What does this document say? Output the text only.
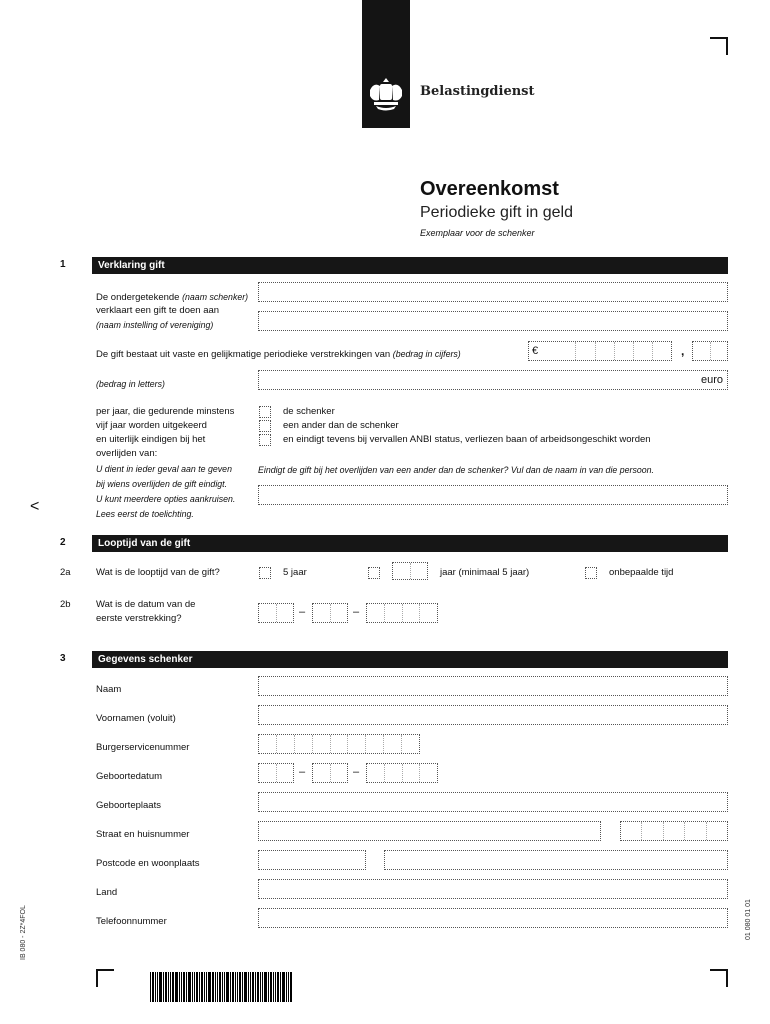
Belastingdienst
Overeenkomst
Periodieke gift in geld
Exemplaar voor de schenker
1	Verklaring gift
De ondergetekende (naam schenker)
verklaart een gift te doen aan
(naam instelling of vereniging)
De gift bestaat uit vaste en gelijkmatige periodieke verstrekkingen van (bedrag in cijfers)	€	,
(bedrag in letters)	euro
per jaar, die gedurende minstens
vijf jaar worden uitgekeerd
en uiterlijk eindigen bij het
overlijden van:
U dient in ieder geval aan te geven
bij wiens overlijden de gift eindigt.
U kunt meerdere opties aankruisen.
Lees eerst de toelichting.
de schenker
een ander dan de schenker
en eindigt tevens bij vervallen ANBI status, verliezen baan of arbeidsongeschikt worden
Eindigt de gift bij het overlijden van een ander dan de schenker? Vul dan de naam in van die persoon.
<
2	Looptijd van de gift
2a	Wat is de looptijd van de gift?	5 jaar	jaar (minimaal 5 jaar)	onbepaalde tijd
2b	Wat is de datum van de
eerste verstrekking?
–	–
3	Gegevens schenker
Naam
Voornamen (voluit)
Burgerservicenummer
Geboortedatum	–	–
Geboorteplaats
Straat en huisnummer
Postcode en woonplaats
Land
Telefoonnummer
IB 080 - 2Z*4FOL	01 080 01 01
